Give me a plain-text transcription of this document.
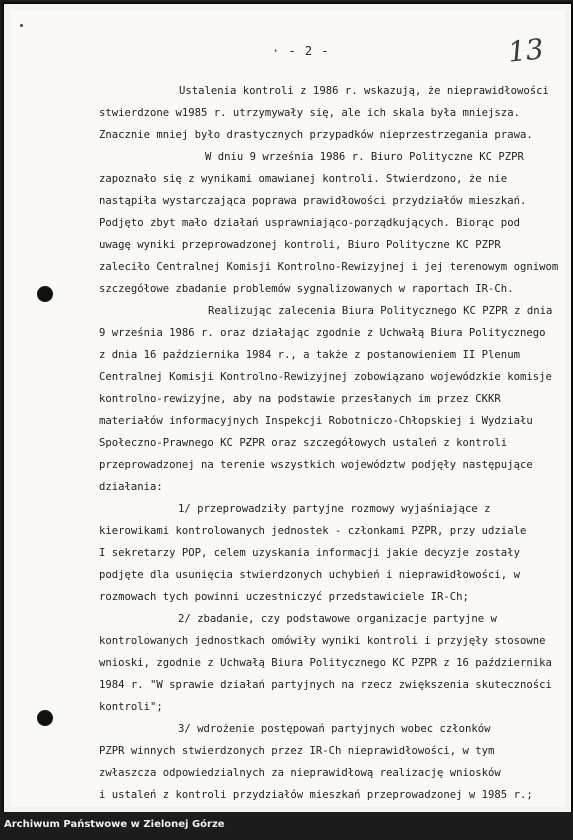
· - 2 -	13
Ustalenia kontroli z 1986 r. wskazują, że nieprawidłowości
stwierdzone w1985 r. utrzymywały się, ale ich skala była mniejsza.
Znacznie mniej było drastycznych przypadków nieprzestrzegania prawa.
W dniu 9 września 1986 r. Biuro Polityczne KC PZPR
zapoznało się z wynikami omawianej kontroli. Stwierdzono, że nie
nastąpiła wystarczająca poprawa prawidłowości przydziałów mieszkań.
Podjęto zbyt mało działań usprawniająco-porządkujących. Biorąc pod
uwagę wyniki przeprowadzonej kontroli, Biuro Polityczne KC PZPR
zaleciło Centralnej Komisji Kontrolno-Rewizyjnej i jej terenowym ogniwom
szczegółowe zbadanie problemów sygnalizowanych w raportach IR-Ch.
Realizując zalecenia Biura Politycznego KC PZPR z dnia
9 września 1986 r. oraz działając zgodnie z Uchwałą Biura Politycznego
z dnia 16 października 1984 r., a także z postanowieniem II Plenum
Centralnej Komisji Kontrolno-Rewizyjnej zobowiązano wojewódzkie komisje
kontrolno-rewizyjne, aby na podstawie przesłanych im przez CKKR
materiałów informacyjnych Inspekcji Robotniczo-Chłopskiej i Wydziału
Społeczno-Prawnego KC PZPR oraz szczegółowych ustaleń z kontroli
przeprowadzonej na terenie wszystkich województw podjęły następujące
działania:
1/ przeprowadziły partyjne rozmowy wyjaśniające z
kierowikami kontrolowanych jednostek - członkami PZPR, przy udziale
I sekretarzy POP, celem uzyskania informacji jakie decyzje zostały
podjęte dla usunięcia stwierdzonych uchybień i nieprawidłowości, w
rozmowach tych powinni uczestniczyć przedstawiciele IR-Ch;
2/ zbadanie, czy podstawowe organizacje partyjne w
kontrolowanych jednostkach omówiły wyniki kontroli i przyjęły stosowne
wnioski, zgodnie z Uchwałą Biura Politycznego KC PZPR z 16 października
1984 r. "W sprawie działań partyjnych na rzecz zwiększenia skuteczności
kontroli";
3/ wdrożenie postępowań partyjnych wobec członków
PZPR winnych stwierdzonych przez IR-Ch nieprawidłowości, w tym
zwłaszcza odpowiedzialnych za nieprawidłową realizację wniosków
i ustaleń z kontroli przydziałów mieszkań przeprowadzonej w 1985 r.;
Archiwum Państwowe w Zielonej Górze
